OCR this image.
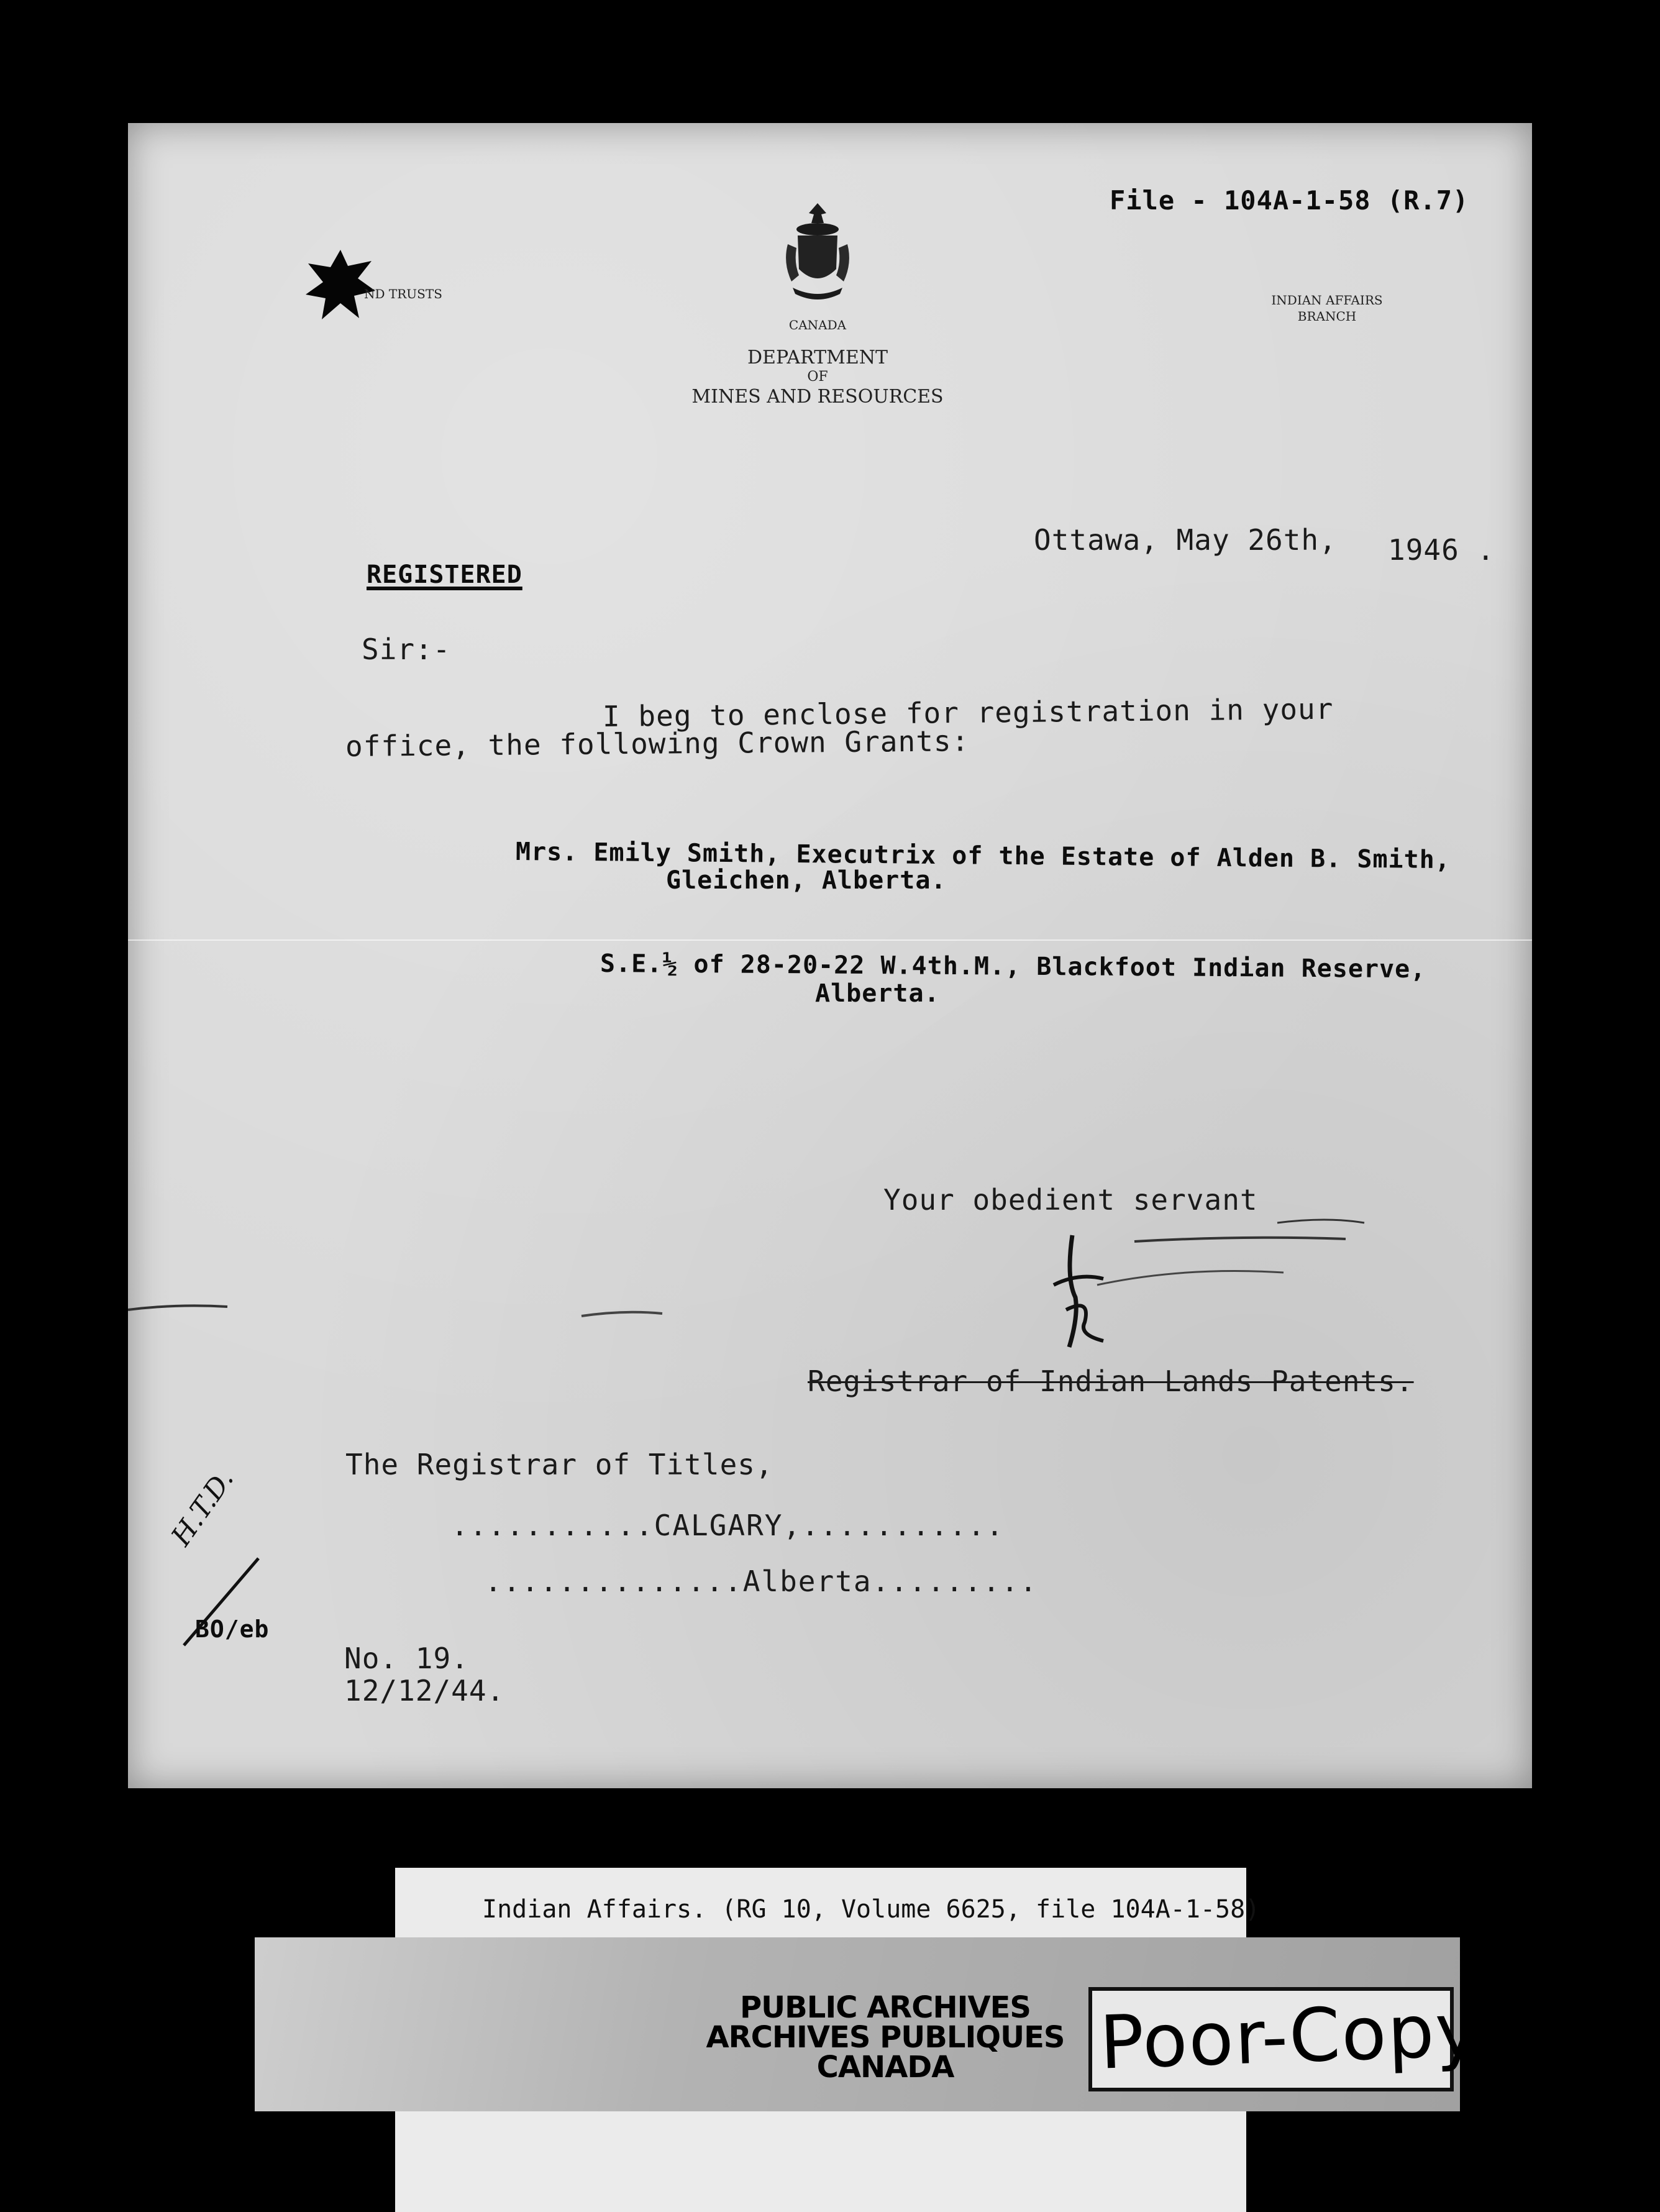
ND TRUSTS
CANADA
DEPARTMENT
OF
MINES AND RESOURCES
INDIAN AFFAIRS
BRANCH
File - 104A-1-58 (R.7)
Ottawa, May 26th, 1946 .
REGISTERED
Sir:-
I beg to enclose for registration in your
office, the following Crown Grants:
Mrs. Emily Smith, Executrix of the Estate of Alden B. Smith,
Gleichen, Alberta.
S.E.½ of 28-20-22 W.4th.M., Blackfoot Indian Reserve,
Alberta.
Your obedient servant
Registrar of Indian Lands Patents.
The Registrar of Titles,
...........CALGARY,...........
..............Alberta.........
H.T.D.
BO/eb
No. 19.
12/12/44.
Indian Affairs. (RG 10, Volume 6625, file 104A-1-58)
PUBLIC ARCHIVES
ARCHIVES PUBLIQUES
CANADA	Poor-Copy
